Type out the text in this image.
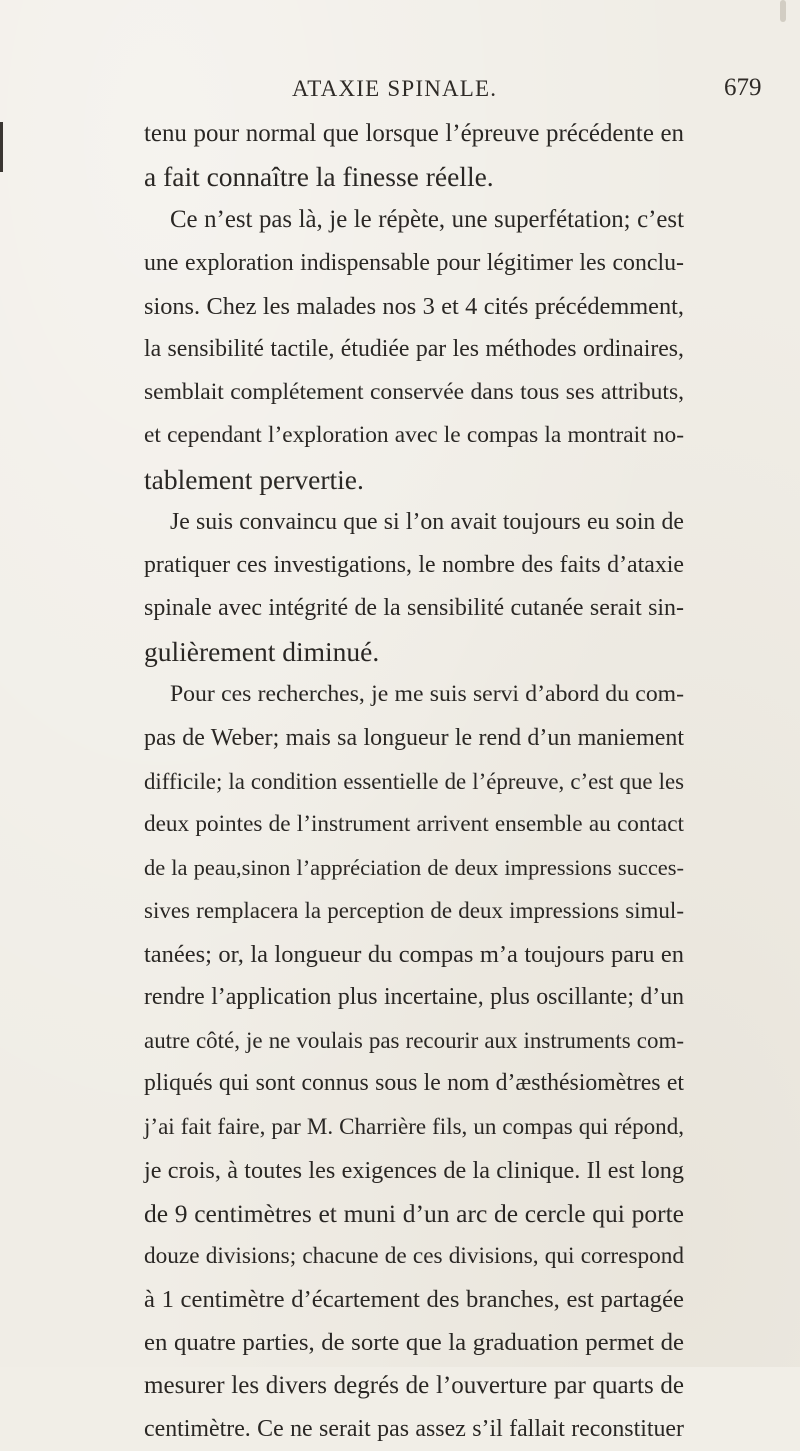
ATAXIE SPINALE.	679
tenu pour normal que lorsque l’épreuve précédente en
a fait connaître la finesse réelle.
Ce n’est pas là, je le répète, une superfétation; c’est
une exploration indispensable pour légitimer les conclu-
sions. Chez les malades nos 3 et 4 cités précédemment,
la sensibilité tactile, étudiée par les méthodes ordinaires,
semblait complétement conservée dans tous ses attributs,
et cependant l’exploration avec le compas la montrait no-
tablement pervertie.
Je suis convaincu que si l’on avait toujours eu soin de
pratiquer ces investigations, le nombre des faits d’ataxie
spinale avec intégrité de la sensibilité cutanée serait sin-
gulièrement diminué.
Pour ces recherches, je me suis servi d’abord du com-
pas de Weber; mais sa longueur le rend d’un maniement
difficile; la condition essentielle de l’épreuve, c’est que les
deux pointes de l’instrument arrivent ensemble au contact
de la peau,sinon l’appréciation de deux impressions succes-
sives remplacera la perception de deux impressions simul-
tanées; or, la longueur du compas m’a toujours paru en
rendre l’application plus incertaine, plus oscillante; d’un
autre côté, je ne voulais pas recourir aux instruments com-
pliqués qui sont connus sous le nom d’æsthésiomètres et
j’ai fait faire, par M. Charrière fils, un compas qui répond,
je crois, à toutes les exigences de la clinique. Il est long
de 9 centimètres et muni d’un arc de cercle qui porte
douze divisions; chacune de ces divisions, qui correspond
à 1 centimètre d’écartement des branches, est partagée
en quatre parties, de sorte que la graduation permet de
mesurer les divers degrés de l’ouverture par quarts de
centimètre. Ce ne serait pas assez s’il fallait reconstituer
